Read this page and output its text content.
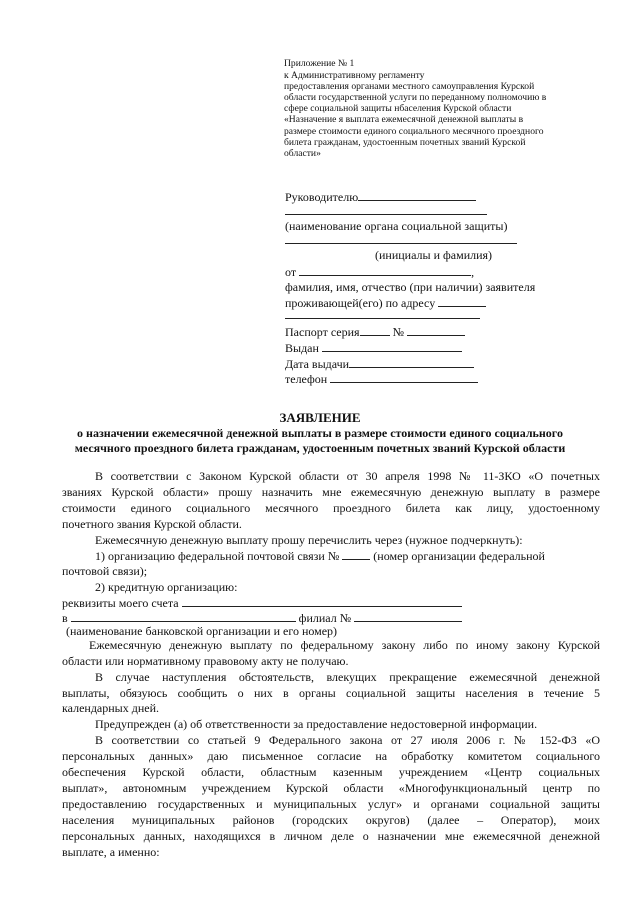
Приложение № 1
к Административному регламенту
предоставления органами местного самоуправления Курской
области государственной услуги по переданному полномочию в
сфере социальной защиты нбаселения Курской области
«Назначение я выплата ежемесячной денежной выплаты в
размере стоимости единого социального месячного проездного
билета гражданам, удостоенным почетных званий Курской
области»
Руководителю
(наименование органа социальной защиты)
(инициалы и фамилия)
от	,
фамилия, имя, отчество (при наличии) заявителя
проживающей(его) по адресу
Паспорт серия	№
Выдан
Дата выдачи
телефон
ЗАЯВЛЕНИЕ
о назначении ежемесячной денежной выплаты в размере стоимости единого социального
месячного проездного билета гражданам, удостоенным почетных званий Курской области
В соответствии с Законом Курской области от 30 апреля 1998 № 11-ЗКО «О почетных
званиях Курской области» прошу назначить мне ежемесячную денежную выплату в размере
стоимости единого социального месячного проездного билета как лицу, удостоенному
почетного звания Курской области.
Ежемесячную денежную выплату прошу перечислить через (нужное подчеркнуть):
1) организацию федеральной почтовой связи №	(номер организации федеральной
почтовой связи);
2) кредитную организацию:
реквизиты моего счета
в	филиал №
(наименование банковской организации и его номер)
Ежемесячную денежную выплату по федеральному закону либо по иному закону Курской
области или нормативному правовому акту не получаю.
В случае наступления обстоятельств, влекущих прекращение ежемесячной денежной
выплаты, обязуюсь сообщить о них в органы социальной защиты населения в течение 5
календарных дней.
Предупрежден (а) об ответственности за предоставление недостоверной информации.
В соответствии со статьей 9 Федерального закона от 27 июля 2006 г. № 152-ФЗ «О
персональных данных» даю письменное согласие на обработку комитетом социального
обеспечения Курской области, областным казенным учреждением «Центр социальных
выплат», автономным учреждением Курской области «Многофункциональный центр по
предоставлению государственных и муниципальных услуг» и органами социальной защиты
населения муниципальных районов (городских округов) (далее – Оператор), моих
персональных данных, находящихся в личном деле о назначении мне ежемесячной денежной
выплате, а именно:
